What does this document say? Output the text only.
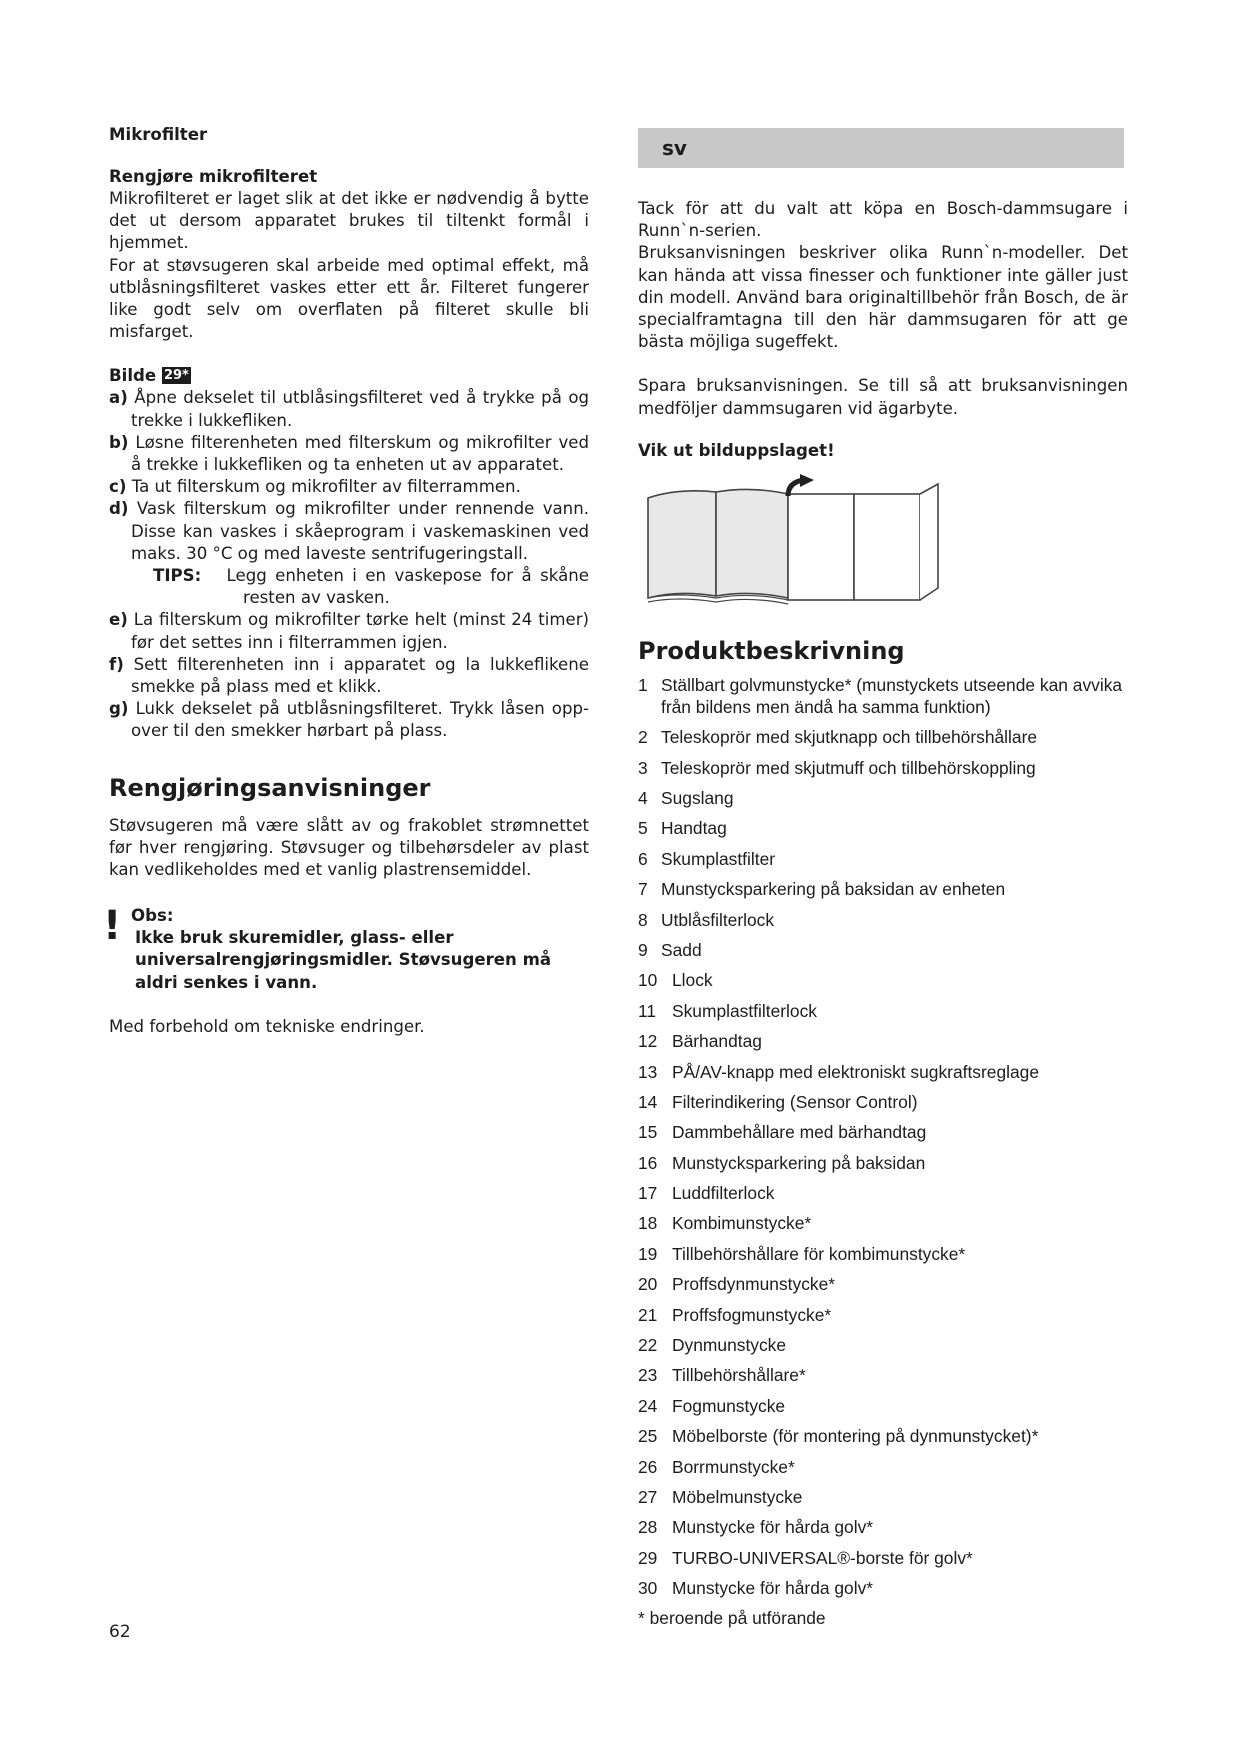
Mikrofilter

Rengjøre mikrofilteret

Mikrofilteret er laget slik at det ikke er nødvendig å bytte det ut dersom apparatet brukes til tiltenkt formål i hjemmet.

For at støvsugeren skal arbeide med optimal effekt, må utblåsningsfilteret vaskes etter ett år. Filteret fungerer like godt selv om overflaten på filteret skulle bli misfarget.

Bilde 29*

a) Åpne dekselet til utblåsingsfilteret ved å trykke på og trekke i lukkefliken.

b) Løsne filterenheten med filterskum og mikrofilter ved å trekke i lukkefliken og ta enheten ut av apparatet.

c) Ta ut filterskum og mikrofilter av filterrammen.

d) Vask filterskum og mikrofilter under rennende vann. Disse kan vaskes i skåeprogram i vaskemaskinen ved maks. 30 °C og med laveste sentrifugeringstall.

TIPS: Legg enheten i en vaskepose for å skåne resten av vasken.

e) La filterskum og mikrofilter tørke helt (minst 24 timer) før det settes inn i filterrammen igjen.

f) Sett filterenheten inn i apparatet og la lukkeflikene smekke på plass med et klikk.

g) Lukk dekselet på utblåsningsfilteret. Trykk låsen opp- over til den smekker hørbart på plass.

Rengjøringsanvisninger

Støvsugeren må være slått av og frakoblet strømnettet før hver rengjøring. Støvsuger og tilbehørsdeler av plast kan vedlikeholdes med et vanlig plastrensemiddel.

! Obs:

Ikke bruk skuremidler, glass- eller universalrengjøringsmidler. Støvsugeren må aldri senkes i vann.

Med forbehold om tekniske endringer.

62
sv

Tack för att du valt att köpa en Bosch-dammsugare i Runn`n-serien.

Bruksanvisningen beskriver olika Runn`n-modeller. Det kan hända att vissa finesser och funktioner inte gäller just din modell. Använd bara originaltillbehör från Bosch, de är specialframtagna till den här dammsugaren för att ge bästa möjliga sugeffekt.

Spara bruksanvisningen. Se till så att bruksanvisningen medföljer dammsugaren vid ägarbyte.

Vik ut bilduppslaget!

Produktbeskrivning

1 Ställbart golvmunstycke* (munstyckets utseende kan avvika från bildens men ändå ha samma funktion)
2 Teleskoprör med skjutknapp och tillbehörshållare
3 Teleskoprör med skjutmuff och tillbehörskoppling
4 Sugslang
5 Handtag
6 Skumplastfilter
7 Munstycksparkering på baksidan av enheten
8 Utblåsfilterlock
9 Sadd
10 Llock
11 Skumplastfilterlock
12 Bärhandtag
13 PÅ/AV-knapp med elektroniskt sugkraftsreglage
14 Filterindikering (Sensor Control)
15 Dammbehållare med bärhandtag
16 Munstycksparkering på baksidan
17 Luddfilterlock
18 Kombimunstycke*
19 Tillbehörshållare för kombimunstycke*
20 Proffsdynmunstycke*
21 Proffsfogmunstycke*
22 Dynmunstycke
23 Tillbehörshållare*
24 Fogmunstycke
25 Möbelborste (för montering på dynmunstycket)*
26 Borrmunstycke*
27 Möbelmunstycke
28 Munstycke för hårda golv*
29 TURBO-UNIVERSAL®-borste för golv*
30 Munstycke för hårda golv*
* beroende på utförande
